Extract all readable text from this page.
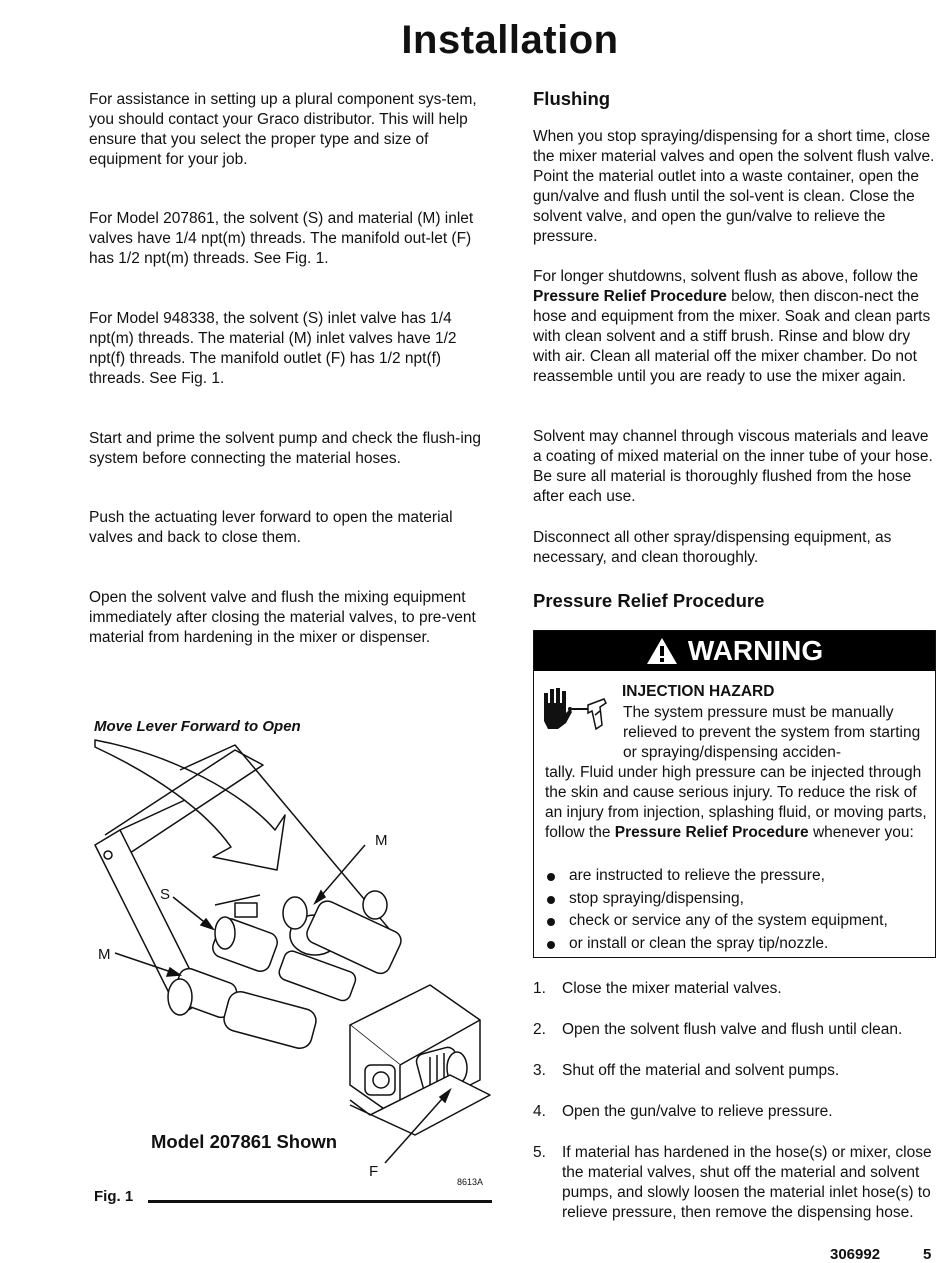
Installation

For assistance in setting up a plural component sys-tem, you should contact your Graco distributor. This will help ensure that you select the proper type and size of equipment for your job.

For Model 207861, the solvent (S) and material (M) inlet valves have 1/4 npt(m) threads. The manifold out-let (F) has 1/2 npt(m) threads. See Fig. 1.

For Model 948338, the solvent (S) inlet valve has 1/4 npt(m) threads. The material (M) inlet valves have 1/2 npt(f) threads. The manifold outlet (F) has 1/2 npt(f) threads. See Fig. 1.

Start and prime the solvent pump and check the flush-ing system before connecting the material hoses.

Push the actuating lever forward to open the material valves and back to close them.

Open the solvent valve and flush the mixing equipment immediately after closing the material valves, to pre-vent material from hardening in the mixer or dispenser.

Move Lever Forward to Open
M
S
M
F
Model 207861 Shown
8613A
Fig. 1
Flushing

When you stop spraying/dispensing for a short time, close the mixer material valves and open the solvent flush valve. Point the material outlet into a waste container, open the gun/valve and flush until the sol-vent is clean. Close the solvent valve, and open the gun/valve to relieve the pressure.

For longer shutdowns, solvent flush as above, follow the Pressure Relief Procedure below, then discon-nect the hose and equipment from the mixer. Soak and clean parts with clean solvent and a stiff brush. Rinse and blow dry with air. Clean all material off the mixer chamber. Do not reassemble until you are ready to use the mixer again.

Solvent may channel through viscous materials and leave a coating of mixed material on the inner tube of your hose. Be sure all material is thoroughly flushed from the hose after each use.

Disconnect all other spray/dispensing equipment, as necessary, and clean thoroughly.

Pressure Relief Procedure
WARNING
INJECTION HAZARD
The system pressure must be manually relieved to prevent the system from starting or spraying/dispensing acciden-
tally. Fluid under high pressure can be injected through the skin and cause serious injury. To reduce the risk of an injury from injection, splashing fluid, or moving parts, follow the Pressure Relief Procedure whenever you:
are instructed to relieve the pressure,
stop spraying/dispensing,
check or service any of the system equipment,
or install or clean the spray tip/nozzle.
1. Close the mixer material valves.
2. Open the solvent flush valve and flush until clean.
3. Shut off the material and solvent pumps.
4. Open the gun/valve to relieve pressure.
5. If material has hardened in the hose(s) or mixer, close the material valves, shut off the material and solvent pumps, and slowly loosen the material inlet hose(s) to relieve pressure, then remove the dispensing hose.
306992	5
